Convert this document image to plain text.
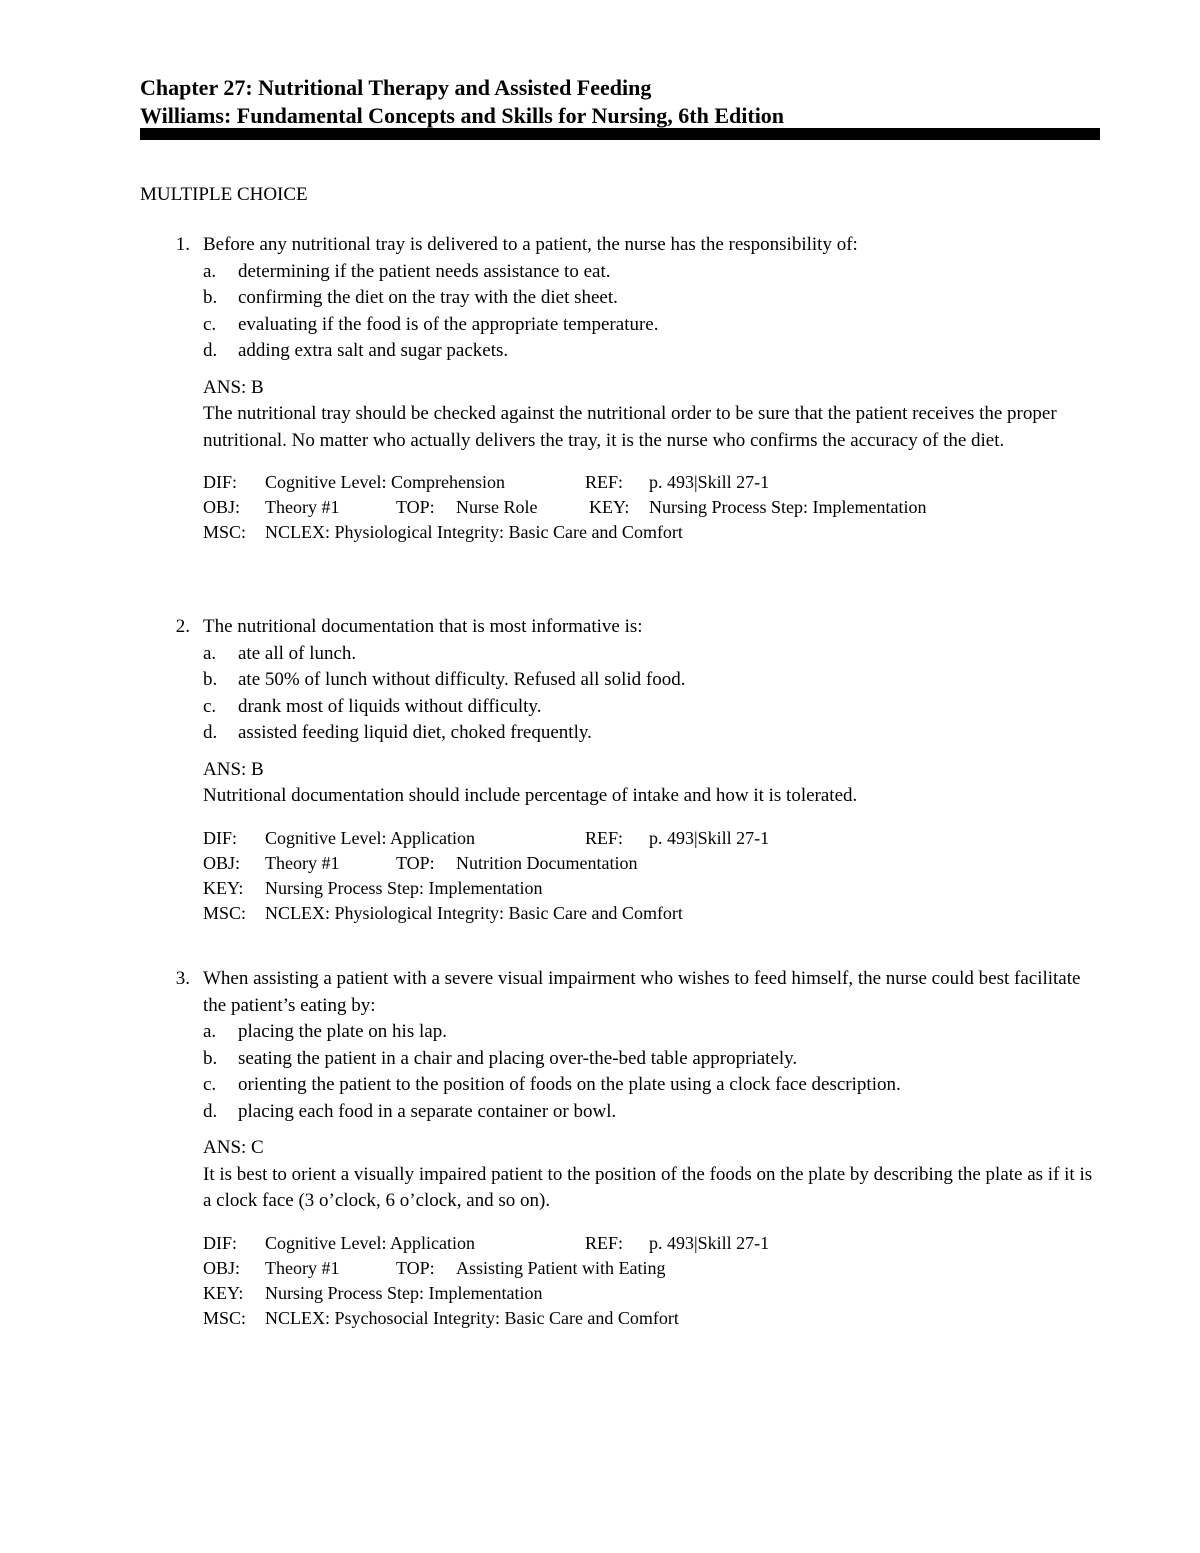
Chapter 27: Nutritional Therapy and Assisted Feeding
Williams: Fundamental Concepts and Skills for Nursing, 6th Edition
MULTIPLE CHOICE
1. Before any nutritional tray is delivered to a patient, the nurse has the responsibility of:
a. determining if the patient needs assistance to eat.
b. confirming the diet on the tray with the diet sheet.
c. evaluating if the food is of the appropriate temperature.
d. adding extra salt and sugar packets.
ANS: B
The nutritional tray should be checked against the nutritional order to be sure that the patient receives the proper nutritional. No matter who actually delivers the tray, it is the nurse who confirms the accuracy of the diet.
DIF: Cognitive Level: Comprehension	REF: p. 493|Skill 27-1
OBJ: Theory #1	TOP: Nurse Role	KEY: Nursing Process Step: Implementation
MSC: NCLEX: Physiological Integrity: Basic Care and Comfort
2. The nutritional documentation that is most informative is:
a. ate all of lunch.
b. ate 50% of lunch without difficulty. Refused all solid food.
c. drank most of liquids without difficulty.
d. assisted feeding liquid diet, choked frequently.
ANS: B
Nutritional documentation should include percentage of intake and how it is tolerated.
DIF: Cognitive Level: Application	REF: p. 493|Skill 27-1
OBJ: Theory #1	TOP: Nutrition Documentation
KEY: Nursing Process Step: Implementation
MSC: NCLEX: Physiological Integrity: Basic Care and Comfort
3. When assisting a patient with a severe visual impairment who wishes to feed himself, the nurse could best facilitate the patient’s eating by:
a. placing the plate on his lap.
b. seating the patient in a chair and placing over-the-bed table appropriately.
c. orienting the patient to the position of foods on the plate using a clock face description.
d. placing each food in a separate container or bowl.
ANS: C
It is best to orient a visually impaired patient to the position of the foods on the plate by describing the plate as if it is a clock face (3 o’clock, 6 o’clock, and so on).
DIF: Cognitive Level: Application	REF: p. 493|Skill 27-1
OBJ: Theory #1	TOP: Assisting Patient with Eating
KEY: Nursing Process Step: Implementation
MSC: NCLEX: Psychosocial Integrity: Basic Care and Comfort
